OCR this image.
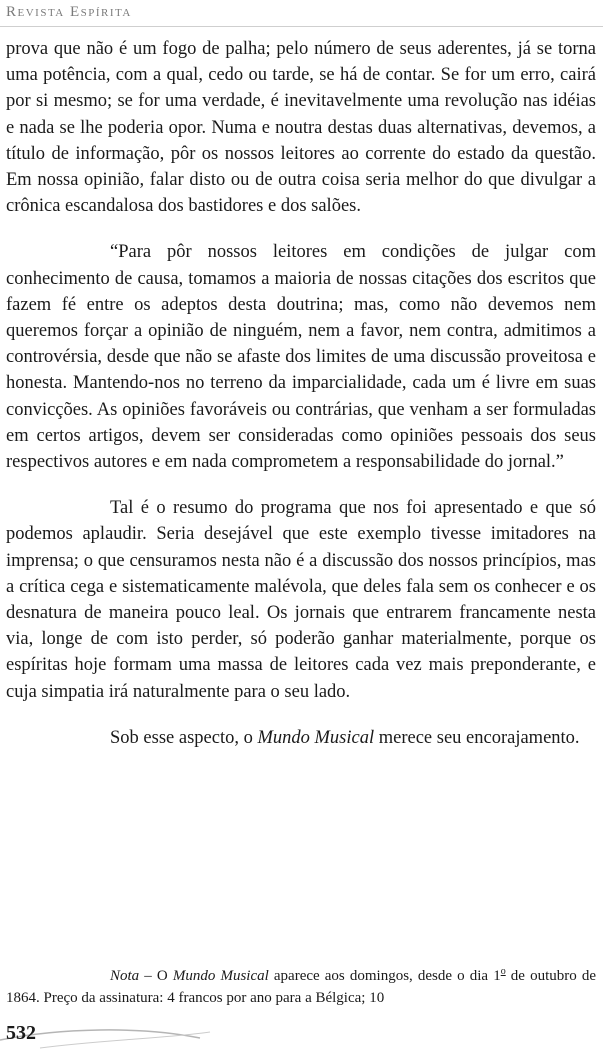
Revista Espírita

prova que não é um fogo de palha; pelo número de seus aderentes, já se torna uma potência, com a qual, cedo ou tarde, se há de contar. Se for um erro, cairá por si mesmo; se for uma verdade, é inevitavelmente uma revolução nas idéias e nada se lhe poderia opor. Numa e noutra destas duas alternativas, devemos, a título de informação, pôr os nossos leitores ao corrente do estado da questão. Em nossa opinião, falar disto ou de outra coisa seria melhor do que divulgar a crônica escandalosa dos bastidores e dos salões.

“Para pôr nossos leitores em condições de julgar com conhecimento de causa, tomamos a maioria de nossas citações dos escritos que fazem fé entre os adeptos desta doutrina; mas, como não devemos nem queremos forçar a opinião de ninguém, nem a favor, nem contra, admitimos a controvérsia, desde que não se afaste dos limites de uma discussão proveitosa e honesta. Mantendo-nos no terreno da imparcialidade, cada um é livre em suas convicções. As opiniões favoráveis ou contrárias, que venham a ser formuladas em certos artigos, devem ser consideradas como opiniões pessoais dos seus respectivos autores e em nada comprometem a responsabilidade do jornal.”

Tal é o resumo do programa que nos foi apresentado e que só podemos aplaudir. Seria desejável que este exemplo tivesse imitadores na imprensa; o que censuramos nesta não é a discussão dos nossos princípios, mas a crítica cega e sistematicamente malévola, que deles fala sem os conhecer e os desnatura de maneira pouco leal. Os jornais que entrarem francamente nesta via, longe de com isto perder, só poderão ganhar materialmente, porque os espíritas hoje formam uma massa de leitores cada vez mais preponderante, e cuja simpatia irá naturalmente para o seu lado.

Sob esse aspecto, o Mundo Musical merece seu encorajamento.

Nota – O Mundo Musical aparece aos domingos, desde o dia 1$^o$ de outubro de 1864. Preço da assinatura: 4 francos por ano para a Bélgica; 10

532
